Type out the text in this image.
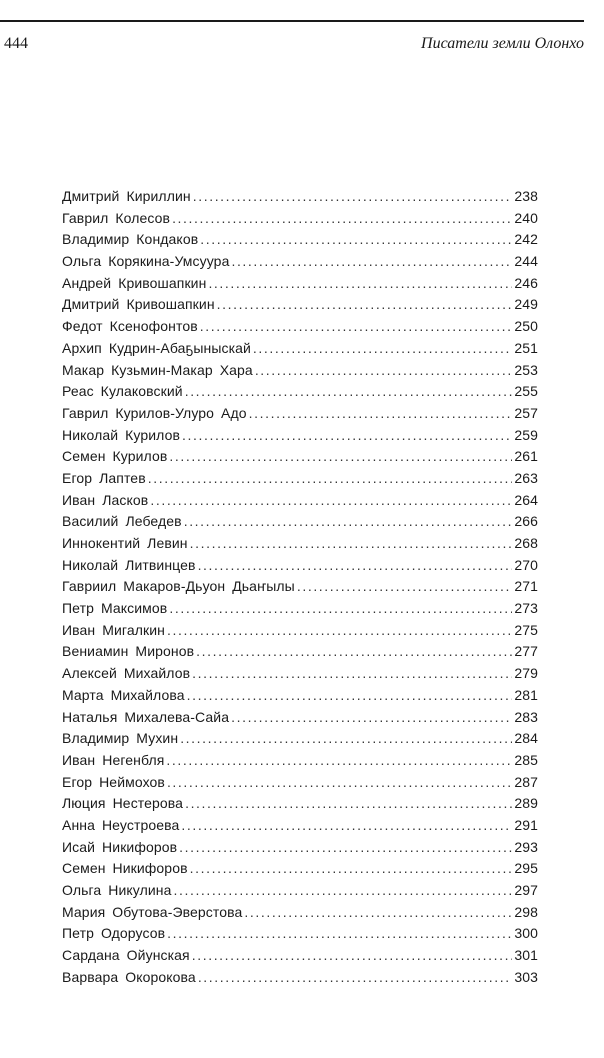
444	Писатели земли Олонхо
Дмитрий Кириллин .....	238
Гаврил Колесов .....	240
Владимир Кондаков .....	242
Ольга Корякина-Умсуура .....	244
Андрей Кривошапкин .....	246
Дмитрий Кривошапкин .....	249
Федот Ксенофонтов .....	250
Архип Кудрин-Абаҕыныскай .....	251
Макар Кузьмин-Макар Хара .....	253
Реас Кулаковский .....	255
Гаврил Курилов-Улуро Адо .....	257
Николай Курилов .....	259
Семен Курилов .....	261
Егор Лаптев .....	263
Иван Ласков .....	264
Василий Лебедев .....	266
Иннокентий Левин .....	268
Николай Литвинцев .....	270
Гавриил Макаров-Дьуон Дьаҥылы .....	271
Петр Максимов .....	273
Иван Мигалкин .....	275
Вениамин Миронов .....	277
Алексей Михайлов .....	279
Марта Михайлова .....	281
Наталья Михалева-Сайа .....	283
Владимир Мухин .....	284
Иван Негенбля .....	285
Егор Неймохов .....	287
Люция Нестерова .....	289
Анна Неустроева .....	291
Исай Никифоров .....	293
Семен Никифоров .....	295
Ольга Никулина .....	297
Мария Обутова-Эверстова .....	298
Петр Одорусов .....	300
Сардана Ойунская .....	301
Варвара Окорокова .....	303
